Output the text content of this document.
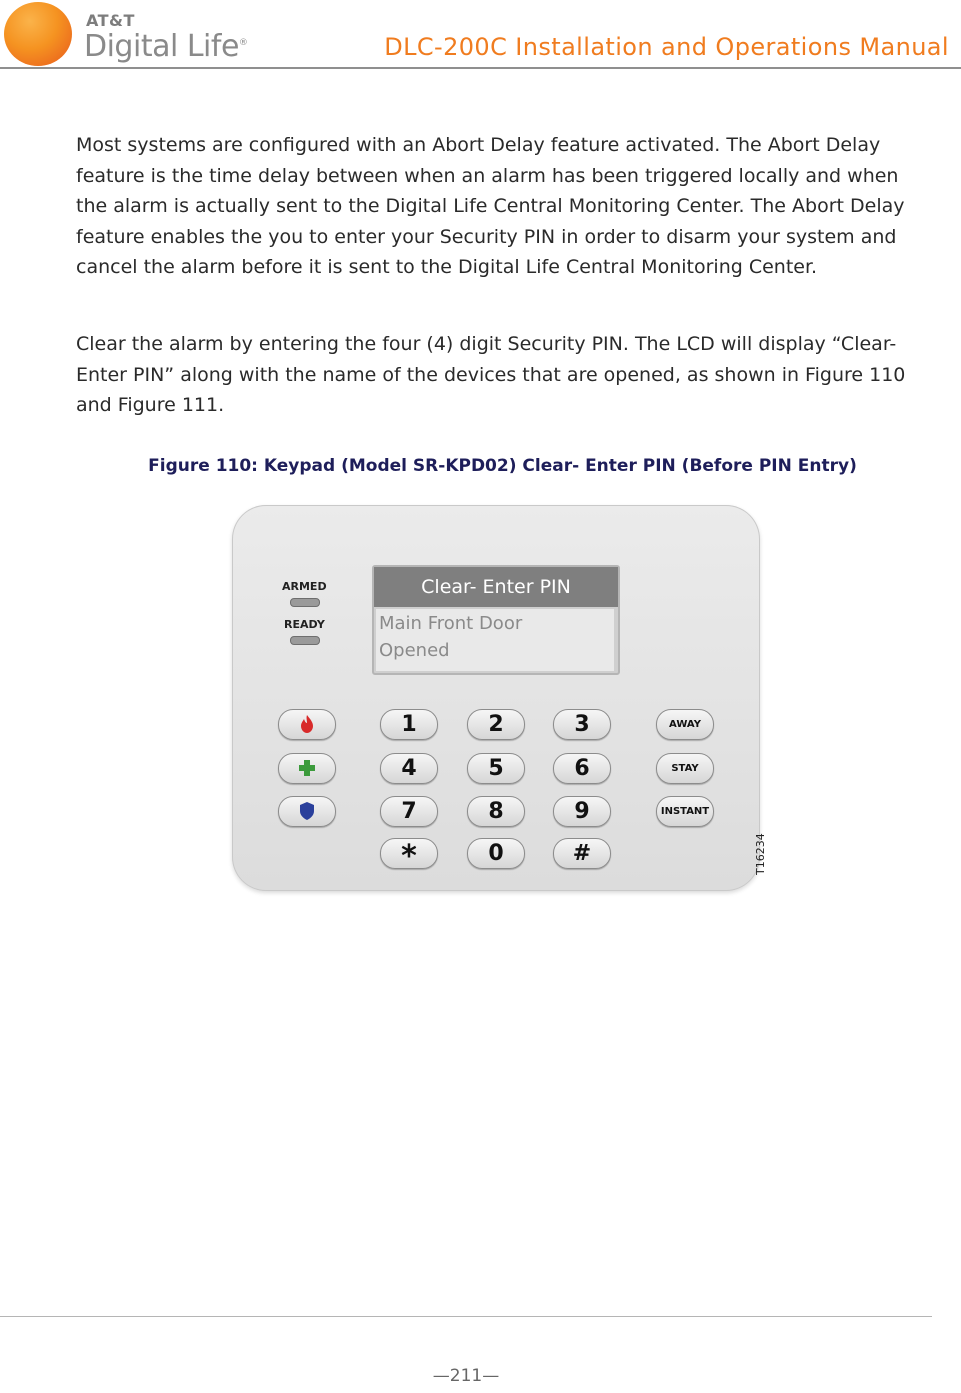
AT&T
Digital Life®	DLC-200C Installation and Operations Manual

Most systems are configured with an Abort Delay feature activated. The Abort Delay feature is the time delay between when an alarm has been triggered locally and when the alarm is actually sent to the Digital Life Central Monitoring Center. The Abort Delay feature enables the you to enter your Security PIN in order to disarm your system and cancel the alarm before it is sent to the Digital Life Central Monitoring Center.

Clear the alarm by entering the four (4) digit Security PIN. The LCD will display “Clear- Enter PIN” along with the name of the devices that are opened, as shown in Figure 110 and Figure 111.

Figure 110: Keypad (Model SR-KPD02) Clear- Enter PIN (Before PIN Entry)
ARMED
READY
Clear- Enter PIN
Main Front Door
Opened
1	2	3
4	5	6
7	8	9
*	0	#
AWAY
STAY
INSTANT
T16234
—211—
